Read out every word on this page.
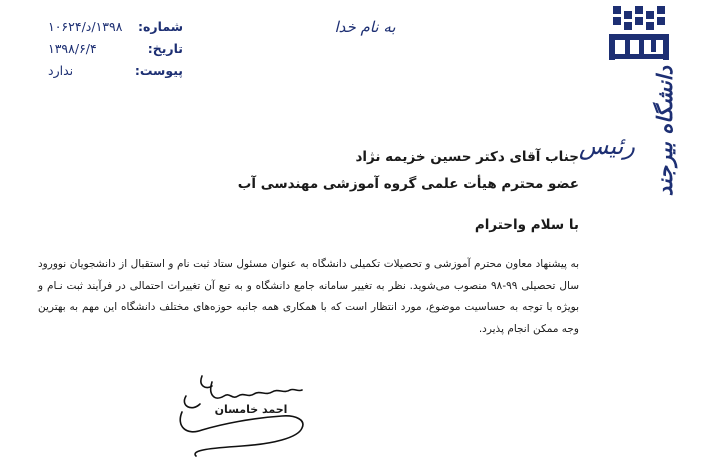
دانشگاه بیرجند
رئیس
به نام خدا
۱۳۹۸/د/۱۰۶۲۴ شماره:
۱۳۹۸/۶/۴	تاریخ:
ندارد	پیوست:
جناب آقای دکتر حسین خزیمه نژاد
عضو محترم هیأت علمی گروه آموزشی مهندسی آب
با سلام واحترام
به پیشنهاد معاون محترم آموزشی و تحصیلات تکمیلی دانشگاه به عنوان مسئول ستاد ثبت نام و استقبال از دانشجویان نوورود سال تحصیلی ۹۹-۹۸ منصوب می‌شوید. نظر به تغییر سامانه جامع دانشگاه و به تبع آن تغییرات احتمالی در فرآیند ثبت نـام و بویژه با توجه به حساسیت موضوع، مورد انتظار است که با همکاری همه جانبه حوزه‌های مختلف دانشگاه این مهم به بهترین وجه ممکن انجام پذیرد.
احمد خامسان
